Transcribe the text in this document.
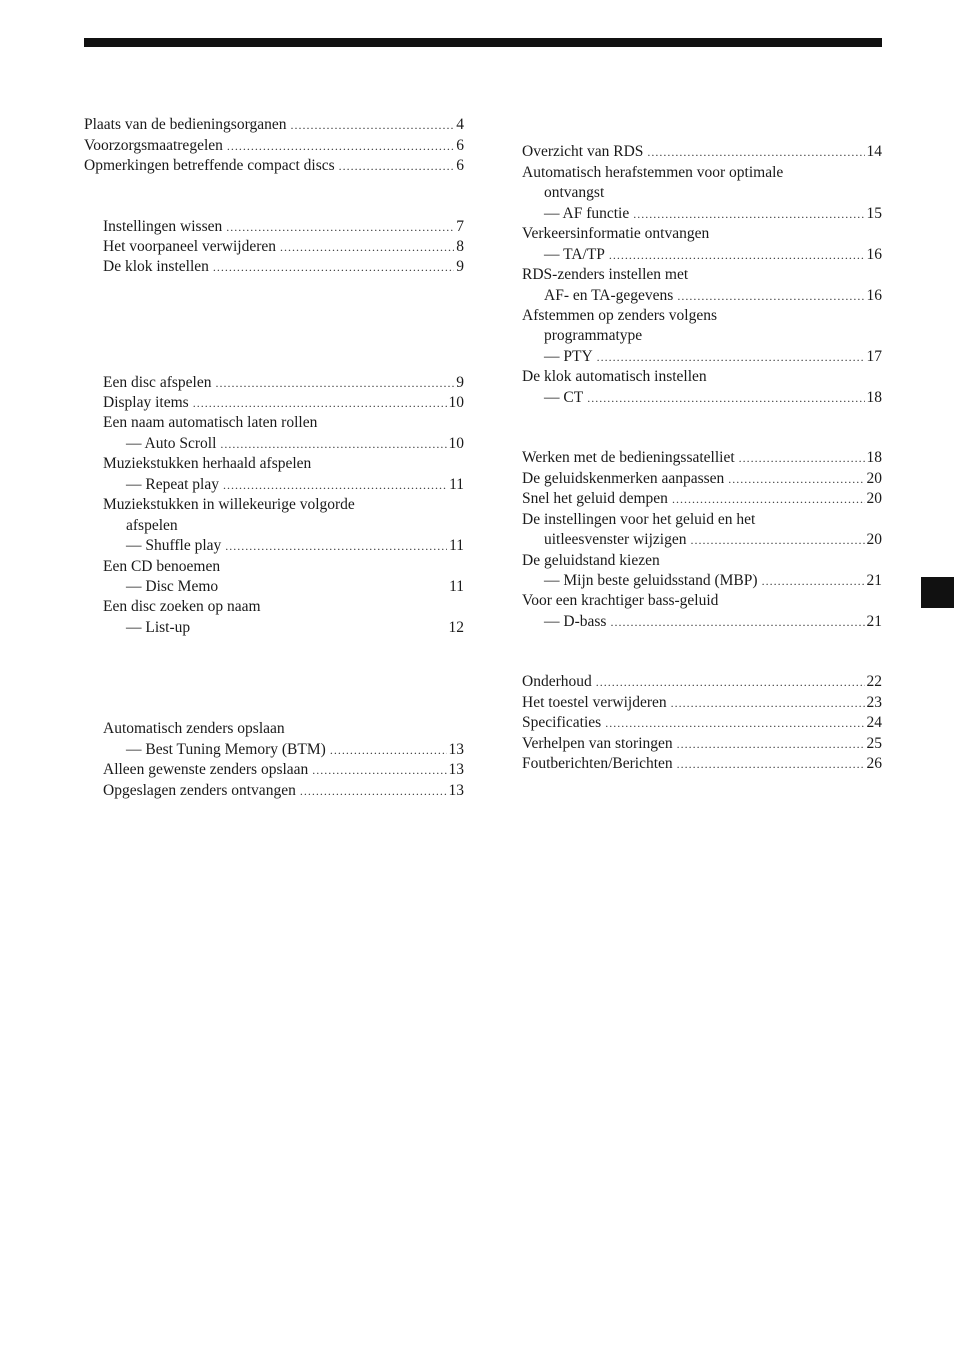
Plaats van de bedieningsorganen .....	4
Voorzorgsmaatregelen .....	6
Opmerkingen betreffende compact discs .....	6
Instellingen wissen .....	7
Het voorpaneel verwijderen .....	8
De klok instellen .....	9
Een disc afspelen .....	9
Display items .....	10
Een naam automatisch laten rollen
— Auto Scroll .....	10
Muziekstukken herhaald afspelen
— Repeat play .....	11
Muziekstukken in willekeurige volgorde
afspelen
— Shuffle play .....	11
Een CD benoemen
— Disc Memo	11
Een disc zoeken op naam
— List-up	12
Automatisch zenders opslaan
— Best Tuning Memory (BTM) .....	13
Alleen gewenste zenders opslaan .....	13
Opgeslagen zenders ontvangen .....	13
Overzicht van RDS .....	14
Automatisch herafstemmen voor optimale
ontvangst
— AF functie .....	15
Verkeersinformatie ontvangen
— TA/TP .....	16
RDS-zenders instellen met
AF- en TA-gegevens .....	16
Afstemmen op zenders volgens
programmatype
— PTY .....	17
De klok automatisch instellen
— CT .....	18
Werken met de bedieningssatelliet .....	18
De geluidskenmerken aanpassen .....	20
Snel het geluid dempen .....	20
De instellingen voor het geluid en het
uitleesvenster wijzigen .....	20
De geluidstand kiezen
— Mijn beste geluidsstand (MBP) .....	21
Voor een krachtiger bass-geluid
— D-bass .....	21
Onderhoud .....	22
Het toestel verwijderen .....	23
Specificaties .....	24
Verhelpen van storingen .....	25
Foutberichten/Berichten .....	26
